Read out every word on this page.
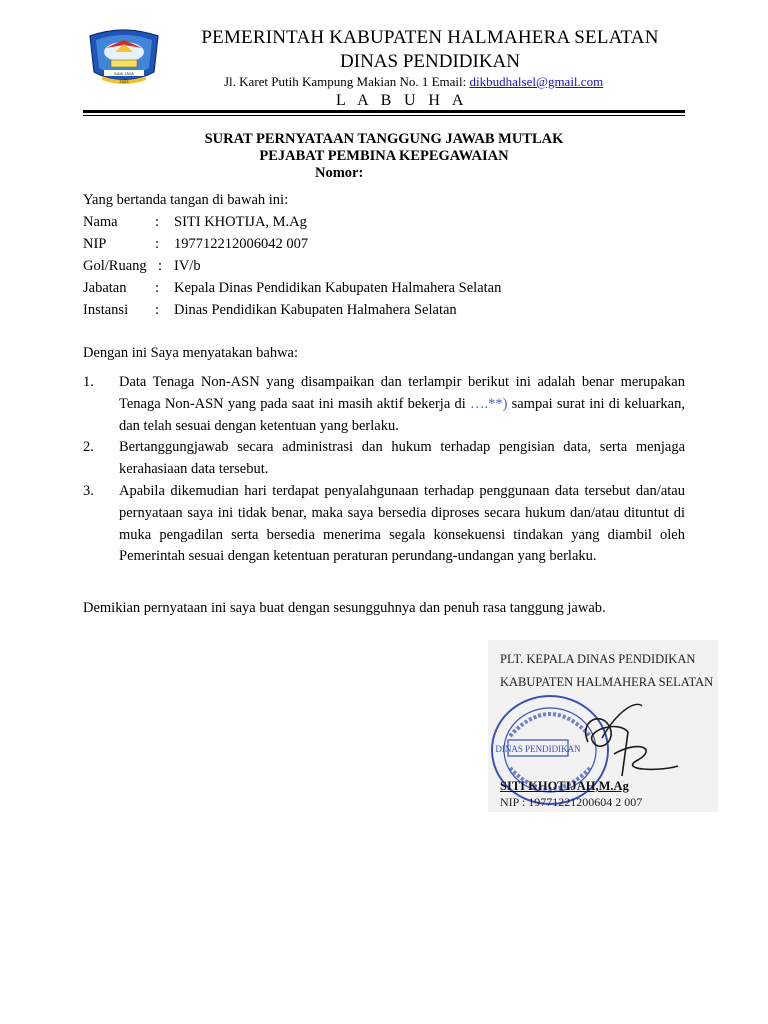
SAIK JAYA
2003
PEMERINTAH KABUPATEN HALMAHERA SELATAN
DINAS PENDIDIKAN
Jl. Karet Putih Kampung Makian No. 1 Email: dikbudhalsel@gmail.com
L A B U H A
SURAT PERNYATAAN TANGGUNG JAWAB MUTLAK
PEJABAT PEMBINA KEPEGAWAIAN
Nomor:
Yang bertanda tangan di bawah ini:
Nama	: SITI KHOTIJA, M.Ag
NIP	: 197712212006042 007
Gol/Ruang : IV/b
Jabatan : Kepala Dinas Pendidikan Kabupaten Halmahera Selatan
Instansi : Dinas Pendidikan Kabupaten Halmahera Selatan
Dengan ini Saya menyatakan bahwa:
1. Data Tenaga Non-ASN yang disampaikan dan terlampir berikut ini adalah benar merupakan Tenaga Non-ASN yang pada saat ini masih aktif bekerja di ….**) sampai surat ini di keluarkan, dan telah sesuai dengan ketentuan yang berlaku.
2. Bertanggungjawab secara administrasi dan hukum terhadap pengisian data, serta menjaga kerahasiaan data tersebut.
3. Apabila dikemudian hari terdapat penyalahgunaan terhadap penggunaan data tersebut dan/atau pernyataan saya ini tidak benar, maka saya bersedia diproses secara hukum dan/atau dituntut di muka pengadilan serta bersedia menerima segala konsekuensi tindakan yang diambil oleh Pemerintah sesuai dengan ketentuan peraturan perundang-undangan yang berlaku.
Demikian pernyataan ini saya buat dengan sesungguhnya dan penuh rasa tanggung jawab.
DINAS PENDIDIKAN
PLT. KEPALA DINAS PENDIDIKAN
KABUPATEN HALMAHERA SELATAN
SITI KHOTIJAH,M.Ag
NIP : 19771221200604 2 007
